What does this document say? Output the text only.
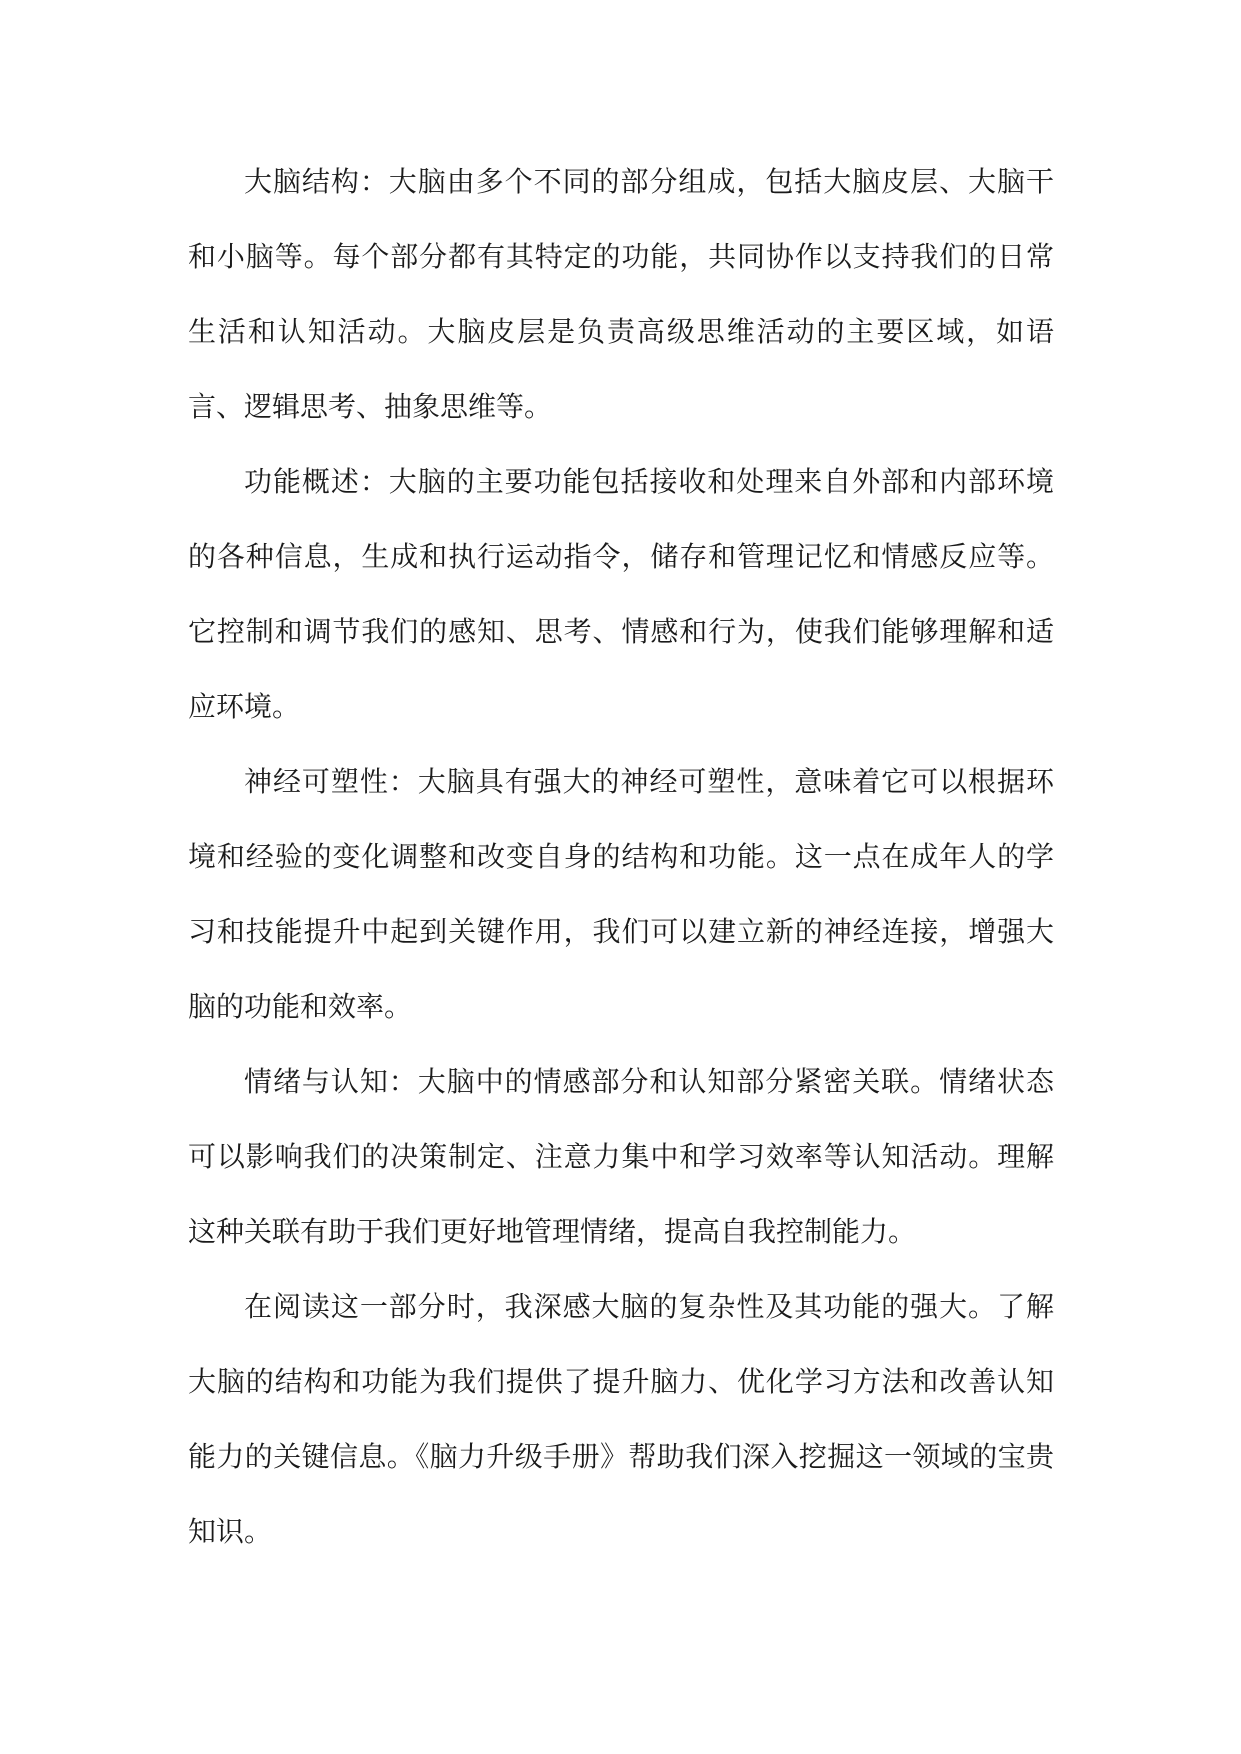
大脑结构：大脑由多个不同的部分组成，包括大脑皮层、大脑干和小脑等。每个部分都有其特定的功能，共同协作以支持我们的日常生活和认知活动。大脑皮层是负责高级思维活动的主要区域，如语言、逻辑思考、抽象思维等。

功能概述：大脑的主要功能包括接收和处理来自外部和内部环境的各种信息，生成和执行运动指令，储存和管理记忆和情感反应等。它控制和调节我们的感知、思考、情感和行为，使我们能够理解和适应环境。

神经可塑性：大脑具有强大的神经可塑性，意味着它可以根据环境和经验的变化调整和改变自身的结构和功能。这一点在成年人的学习和技能提升中起到关键作用，我们可以建立新的神经连接，增强大脑的功能和效率。

情绪与认知：大脑中的情感部分和认知部分紧密关联。情绪状态可以影响我们的决策制定、注意力集中和学习效率等认知活动。理解这种关联有助于我们更好地管理情绪，提高自我控制能力。

在阅读这一部分时，我深感大脑的复杂性及其功能的强大。了解大脑的结构和功能为我们提供了提升脑力、优化学习方法和改善认知能力的关键信息。《脑力升级手册》帮助我们深入挖掘这一领域的宝贵知识。
